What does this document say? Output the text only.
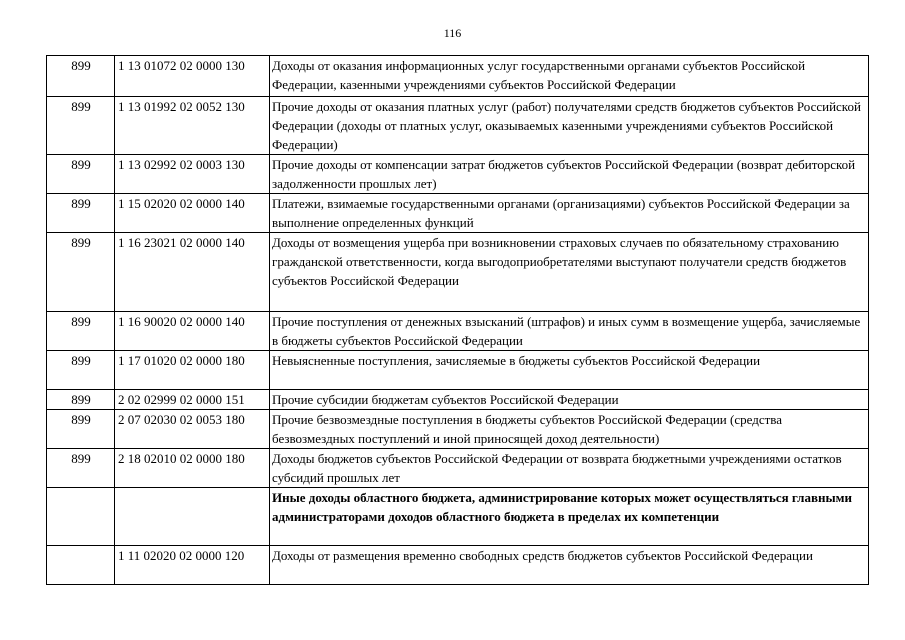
116
899	1 13 01072 02 0000 130	Доходы от оказания информационных услуг государственными органами субъектов Российской Федерации, казенными учреждениями субъектов Российской Федерации
899	1 13 01992 02 0052 130	Прочие доходы от оказания платных услуг (работ) получателями средств бюджетов субъектов Российской Федерации (доходы от платных услуг, оказываемых казенными учреждениями субъектов Российской Федерации)
899	1 13 02992 02 0003 130	Прочие доходы от компенсации затрат бюджетов субъектов Российской Федерации (возврат дебиторской задолженности прошлых лет)
899	1 15 02020 02 0000 140	Платежи, взимаемые государственными органами (организациями) субъектов Российской Федерации за выполнение определенных функций
899	1 16 23021 02 0000 140	Доходы от возмещения ущерба при возникновении страховых случаев по обязательному страхованию гражданской ответственности, когда выгодоприобретателями выступают получатели средств бюджетов субъектов Российской Федерации
899	1 16 90020 02 0000 140	Прочие поступления от денежных взысканий (штрафов) и иных сумм в возмещение ущерба, зачисляемые в бюджеты субъектов Российской Федерации
899	1 17 01020 02 0000 180	Невыясненные поступления, зачисляемые в бюджеты субъектов Российской Федерации
899	2 02 02999 02 0000 151	Прочие субсидии бюджетам субъектов Российской Федерации
899	2 07 02030 02 0053 180	Прочие безвозмездные поступления в бюджеты субъектов Российской Федерации (средства безвозмездных поступлений и иной приносящей доход деятельности)
899	2 18 02010 02 0000 180	Доходы бюджетов субъектов Российской Федерации от возврата бюджетными учреждениями остатков субсидий прошлых лет
		Иные доходы областного бюджета, администрирование которых может осуществляться главными администраторами доходов областного бюджета в пределах их компетенции
	1 11 02020 02 0000 120	Доходы от размещения временно свободных средств бюджетов субъектов Российской Федерации
